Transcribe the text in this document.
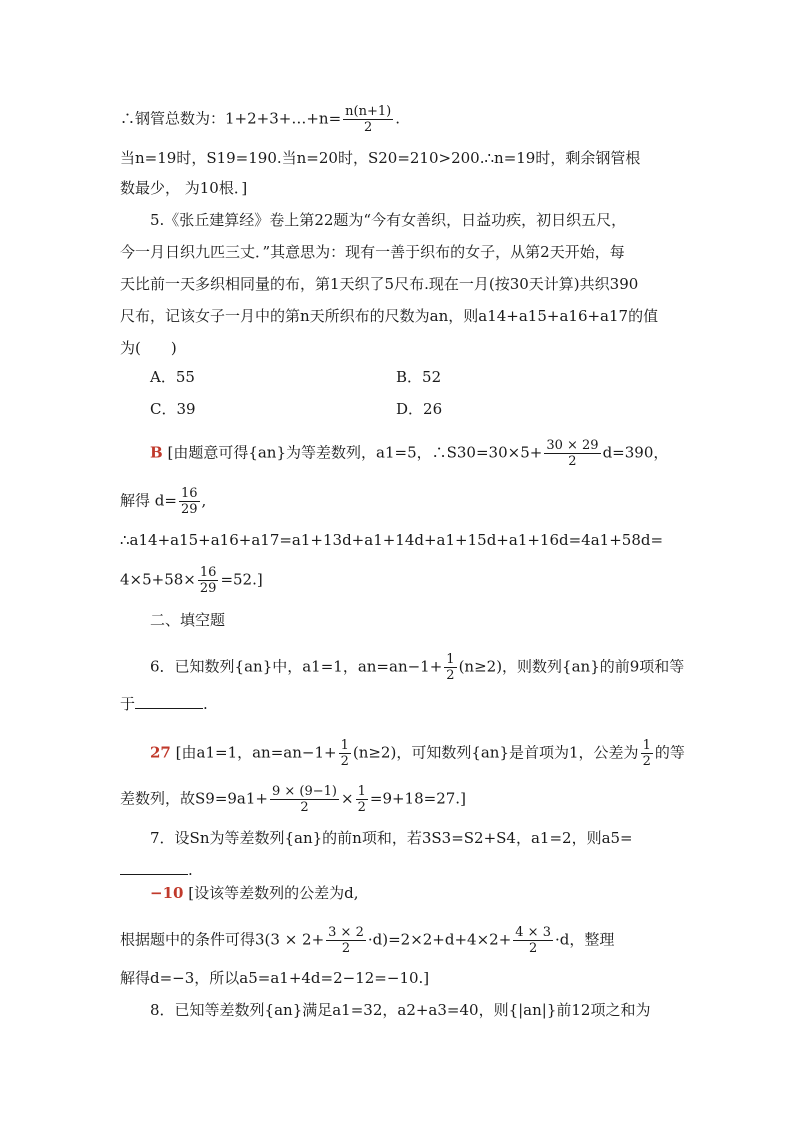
∴钢管总数为：1+2+3+…+n= $\frac{n(n+1)}{2}$ .
当n=19时，S19=190.当n=20时，S20=210>200.∴n=19时，剩余钢管根
数最少， 为10根．]
5.《张丘建算经》卷上第22题为“今有女善织，日益功疾，初日织五尺，
今一月日织九匹三丈．”其意思为：现有一善于织布的女子，从第2天开始，每
天比前一天多织相同量的布，第1天织了5尺布.现在一月(按30天计算)共织390
尺布，记该女子一月中的第n天所织布的尺数为an，则a14+a15+a16+a17的值
为(　　)
A．55	B．52
C．39	D．26
B [由题意可得{an}为等差数列，a1=5，∴S30=30×5+ $\frac{30 \times 29}{2} d=390$，
解得 $d= \frac{16}{29}$ ,
∴a14+a15+a16+a17=a1+13d+a1+14d+a1+15d+a1+16d=4a1+58d=
$4\times 5+58\times \frac{16}{29} =52$.]
二、填空题
6．已知数列{an}中，a1=1，$an=an-1+ \frac{1}{2} (n\ge 2)$，则数列{an}的前9项和等
于	.
27 [由a1=1，$an=an-1+ \frac{1}{2} (n\ge 2)$，可知数列{an}是首项为1，公差为 $\frac{1}{2}$ 的等
差数列，故$S9=9a1+ \frac{9 \times (9-1)}{2} \times \frac{1}{2} =9+18=27$.]
7．设Sn为等差数列{an}的前n项和，若3S3=S2+S4，a1=2，则a5=
.
−10 [设该等差数列的公差为d,
根据题中的条件可得$3(3 \times 2+ \frac{3 \times 2}{2} \cdot d)=2\times 2+d+4\times 2+ \frac{4 \times 3}{2} \cdot d$，整理
解得d=−3，所以a5=a1+4d=2−12=−10.]
8．已知等差数列{an}满足a1=32，a2+a3=40，则{|an|}前12项之和为
